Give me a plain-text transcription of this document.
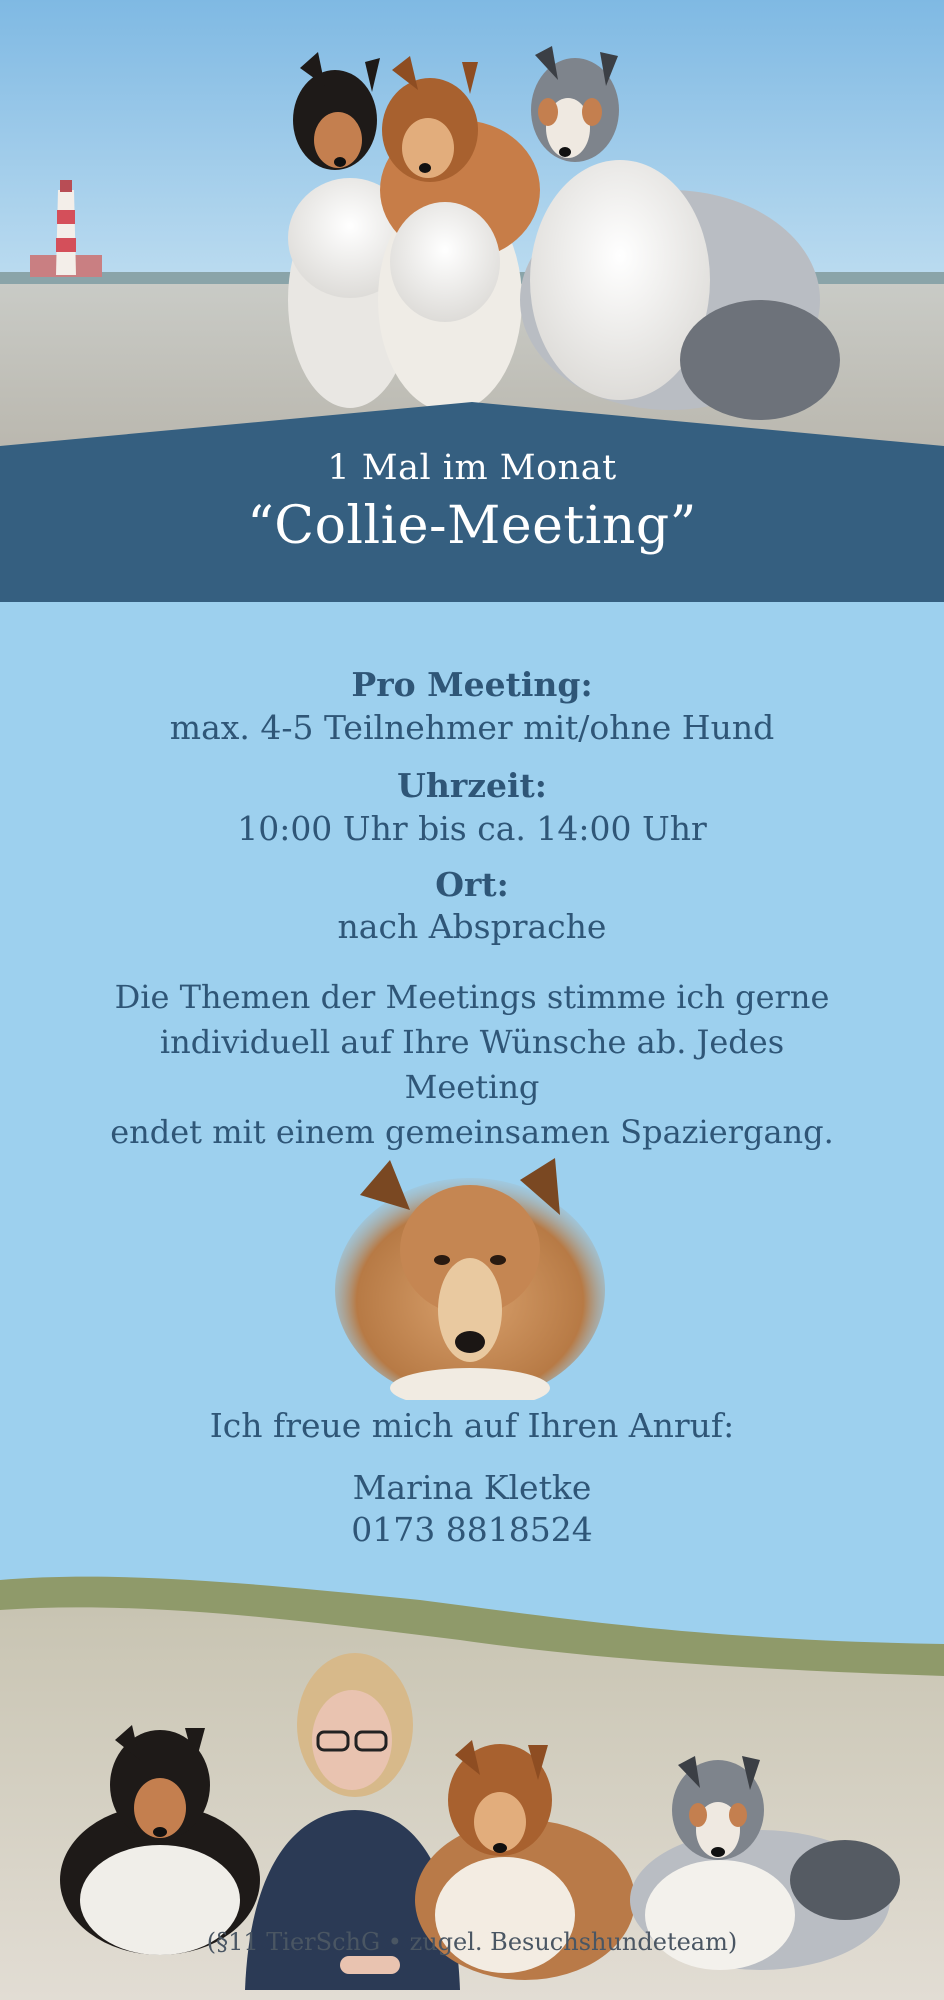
1 Mal im Monat
“Collie-Meeting”
Pro Meeting:
max. 4-5 Teilnehmer mit/ohne Hund
Uhrzeit:
10:00 Uhr bis ca. 14:00 Uhr
Ort:
nach Absprache
Die Themen der Meetings stimme ich gerne
individuell auf Ihre Wünsche ab. Jedes Meeting
endet mit einem gemeinsamen Spaziergang.
Ich freue mich auf Ihren Anruf:
Marina Kletke
0173 8818524
(§11 TierSchG • zugel. Besuchshundeteam)
